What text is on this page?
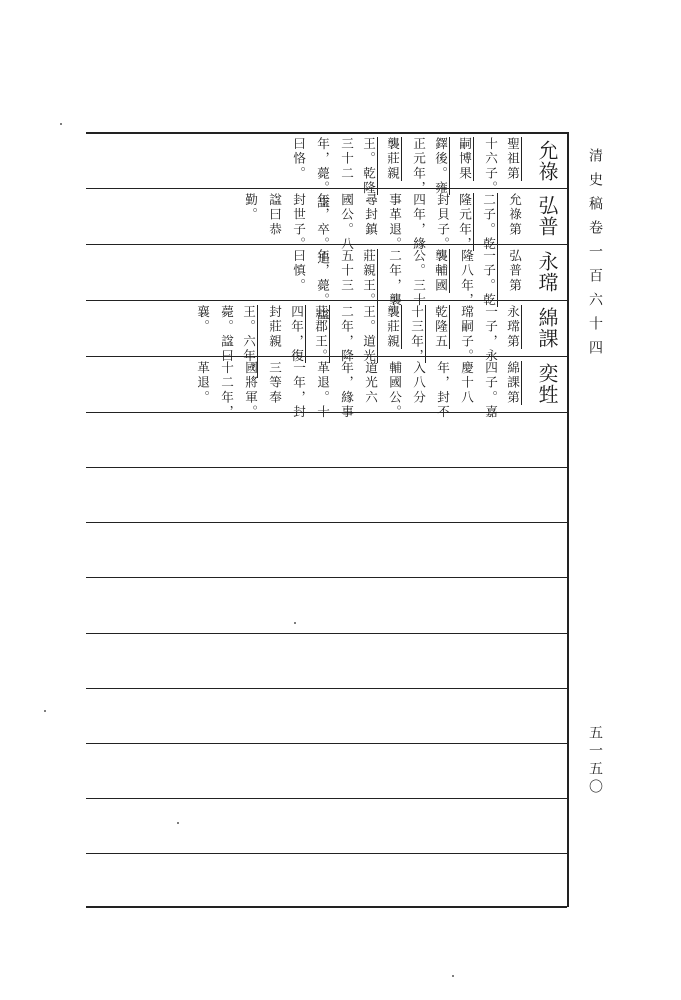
允祿
弘普
永瑺
綿課
奕甡
聖祖第
十六子。
嗣博果
鐸後。雍
正元年，
襲莊親
王。乾隆
三十二
年，薨。諡
曰恪。
允祿第
二子。乾
隆元年，
封貝子。
四年，緣
事革退。
尋封鎮
國公。八
年，卒。追
封世子。
諡曰恭
勤。
弘普第
一子。乾
隆八年，
襲輔國
公。三十
二年，襲
莊親王。
五十三
年，薨。諡
曰慎。
永瑺第
一子，永
瑺嗣子。
乾隆五
十三年，
襲莊親
王。道光
二年，降
莊郡王。
四年，復
封莊親
王。六年，
薨。諡曰
襄。
綿課第
四子。嘉
慶十八
年，封不
入八分
輔國公。
道光六
年，緣事
革退。十
一年，封
三等奉
國將軍。
十二年，
革退。
清史稿卷一百六十四
五一五〇
